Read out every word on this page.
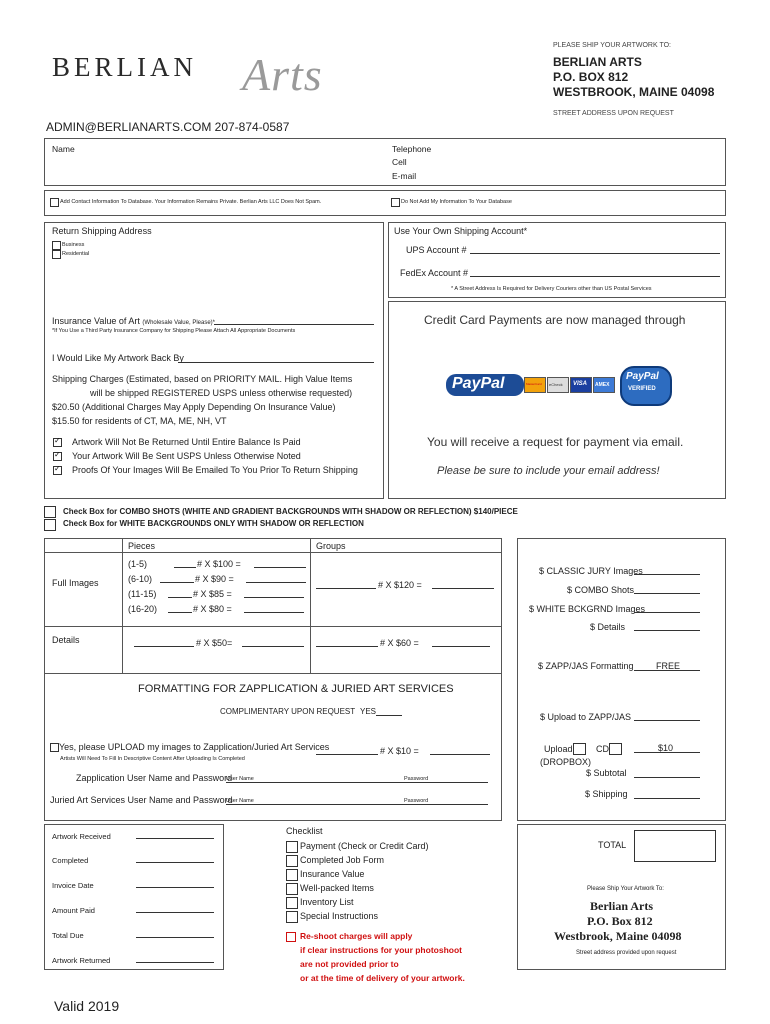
BERLIAN Arts
PLEASE SHIP YOUR ARTWORK TO:
BERLIAN ARTS
P.O. BOX 812
WESTBROOK, MAINE 04098
STREET ADDRESS UPON REQUEST
ADMIN@BERLIANARTS.COM 207-874-0587
Name	Telephone
Cell
E-mail
Add Contact Information To Database. Your Information Remains Private. Berlian Arts LLC Does Not Spam.	Do Not Add My Information To Your Database
Return Shipping Address
Business
Residential
Insurance Value of Art (Wholesale Value, Please)*
*If You Use a Third Party Insurance Company for Shipping Please Attach All Appropriate Documents
I Would Like My Artwork Back By
Shipping Charges (Estimated, based on PRIORITY MAIL. High Value Items
will be shipped REGISTERED USPS unless otherwise requested)
$20.50 (Additional Charges May Apply Depending On Insurance Value)
$15.50 for residents of CT, MA, ME, NH, VT
✓
Artwork Will Not Be Returned Until Entire Balance Is Paid
✓
Your Artwork Will Be Sent USPS Unless Otherwise Noted
✓
Proofs Of Your Images Will Be Emailed To You Prior To Return Shipping
Use Your Own Shipping Account*
UPS Account #
FedEx Account #
* A Street Address Is Required for Delivery Couriers other than US Postal Services
Credit Card Payments are now managed through
PayPal	MasterCard eCheck VISA AMEX
PayPal
VERIFIED
You will receive a request for payment via email.
Please be sure to include your email address!
Check Box for COMBO SHOTS (WHITE AND GRADIENT BACKGROUNDS WITH SHADOW OR REFLECTION) $140/PIECE
Check Box for WHITE BACKGROUNDS ONLY WITH SHADOW OR REFLECTION
Pieces	Groups
Full Images
(1-5)	# X $100 =
(6-10)	# X $90 =
(11-15)	# X $85 =
(16-20)	# X $80 =
# X $120 =
Details	# X $50=	# X $60 =
FORMATTING FOR ZAPPLICATION & JURIED ART SERVICES
COMPLIMENTARY UPON REQUEST YES
Yes, please UPLOAD my images to Zapplication/Juried Art Services	# X $10 =
Artists Will Need To Fill In Descriptive Content After Uploading Is Completed
Zapplication User Name and Password
User Name	Password
Juried Art Services User Name and Password
User Name	Password
$ CLASSIC JURY Images
$ COMBO Shots
$ WHITE BCKGRND Images
$ Details
$ ZAPP/JAS Formatting FREE
$ Upload to ZAPP/JAS
Upload	CD	$10
(DROPBOX)
$ Subtotal
$ Shipping
Artwork Received
Completed
Invoice Date
Amount Paid
Total Due
Artwork Returned
Checklist
Payment (Check or Credit Card)
Completed Job Form
Insurance Value
Well-packed Items
Inventory List
Special Instructions
Re-shoot charges will apply
if clear instructions for your photoshoot
are not provided prior to
or at the time of delivery of your artwork.
TOTAL
Please Ship Your Artwork To:
Berlian Arts
P.O. Box 812
Westbrook, Maine 04098
Street address provided upon request
Valid 2019
